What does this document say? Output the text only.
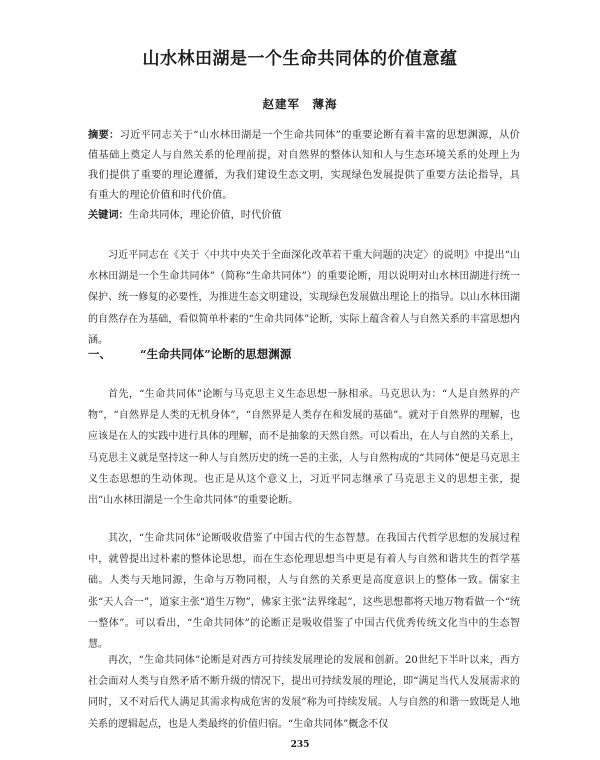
山水林田湖是一个生命共同体的价值意蕴
赵建军　薄海
摘要：习近平同志关于“山水林田湖是一个生命共同体”的重要论断有着丰富的思想渊源，从价值基础上奠定人与自然关系的伦理前提，对自然界的整体认知和人与生态环境关系的处理上为我们提供了重要的理论遵循，为我们建设生态文明，实现绿色发展提供了重要方法论指导，具有重大的理论价值和时代价值。
关键词：生命共同体，理论价值，时代价值

习近平同志在《关于〈中共中央关于全面深化改革若干重大问题的决定〉的说明》中提出“山水林田湖是一个生命共同体”（简称“生命共同体”）的重要论断，用以说明对山水林田湖进行统一保护、统一修复的必要性，为推进生态文明建设，实现绿色发展做出理论上的指导。以山水林田湖的自然存在为基础，看似简单朴素的“生命共同体”论断，实际上蕴含着人与自然关系的丰富思想内涵。

一、	“生命共同体”论断的思想渊源

首先，“生命共同体”论断与马克思主义生态思想一脉相承。马克思认为：“人是自然界的产物”，“自然界是人类的无机身体”，“自然界是人类存在和发展的基础”。就对于自然界的理解，也应该是在人的实践中进行具体的理解，而不是抽象的天然自然。可以看出，在人与自然的关系上，马克思主义就是坚持这一种人与自然历史的统一론的主张，人与自然构成的“共同体”便是马克思主义生态思想的生动体现。也正是从这个意义上，习近平同志继承了马克思主义的思想主张，提出“山水林田湖是一个生命共同体”的重要论断。

其次，“生命共同体”论断吸收借鉴了中国古代的生态智慧。在我国古代哲学思想的发展过程中，就曾提出过朴素的整体论思想，而在生态伦理思想当中更是有着人与自然和谐共生的哲学基础。人类与天地同源，生命与万物同根，人与自然的关系更是高度意识上的整体一致。儒家主张“天人合一”，道家主张“道生万物”，佛家主张“法界缘起”，这些思想都将天地万物看做一个“统一整体”。可以看出，“生命共同体”的论断正是吸收借鉴了中国古代优秀传统文化当中的生态智慧。

再次，“生命共同体”论断是对西方可持续发展理论的发展和创新。20世纪下半叶以来，西方社会面对人类与自然矛盾不断升级的情况下，提出可持续发展的理论，即“满足当代人发展需求的同时，又不对后代人满足其需求构成危害的发展”称为可持续发展。人与自然的和谐一致既是人地关系的逻辑起点，也是人类最终的价值归宿。“生命共同体”概念不仅

235
